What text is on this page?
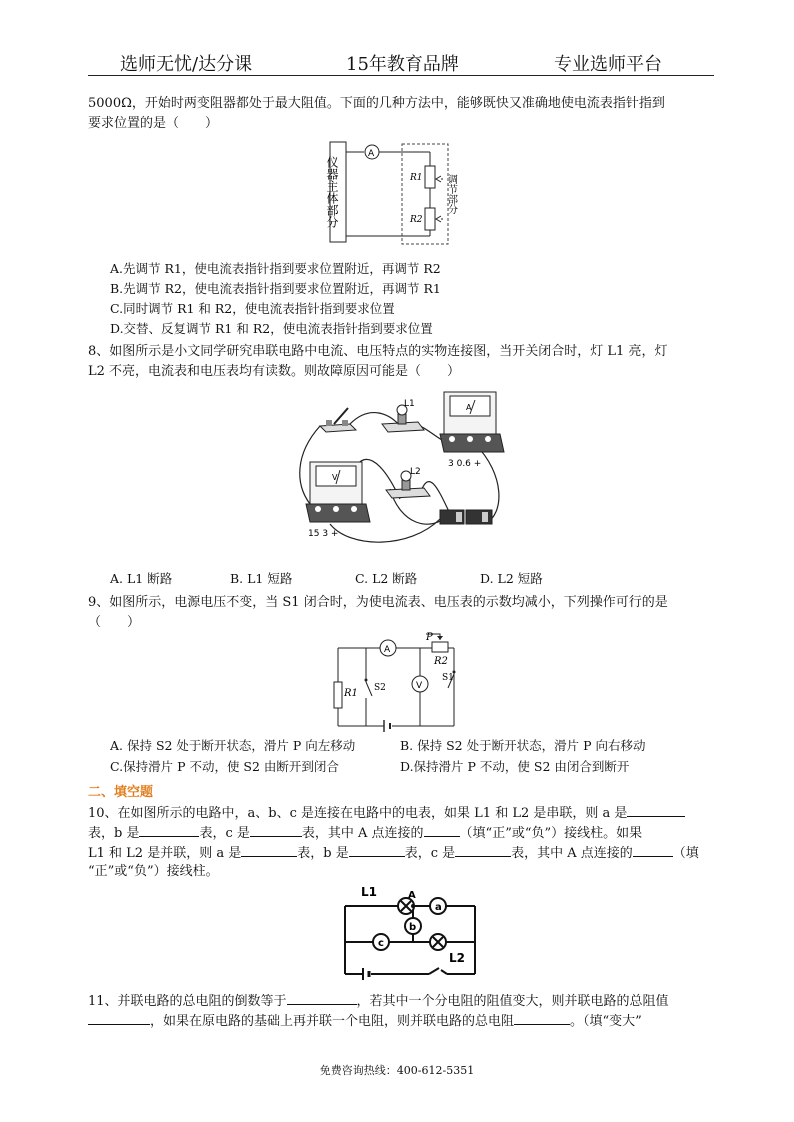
选师无忧/达分课	15年教育品牌	专业选师平台
5000Ω，开始时两变阻器都处于最大阻值。下面的几种方法中，能够既快又准确地使电流表指针指到
要求位置的是（　　）
仪器主体部分
A
R1
R2
调节部分
A.先调节 R1，使电流表指针指到要求位置附近，再调节 R2
B.先调节 R2，使电流表指针指到要求位置附近，再调节 R1
C.同时调节 R1 和 R2，使电流表指针指到要求位置
D.交替、反复调节 R1 和 R2，使电流表指针指到要求位置
8、如图所示是小文同学研究串联电路中电流、电压特点的实物连接图，当开关闭合时，灯 L1 亮，灯
L2 不亮，电流表和电压表均有读数。则故障原因可能是（　　）
L1
L2
A
V
3 0.6 +
15 3 +
A. L1 断路	B. L1 短路	C. L2 断路	D. L2 短路
9、如图所示，电源电压不变，当 S1 闭合时，为使电流表、电压表的示数均减小，下列操作可行的是
（　　）
A
V
P
R2
R1 S2
S1
A. 保持 S2 处于断开状态，滑片 P 向左移动	B. 保持 S2 处于断开状态，滑片 P 向右移动
C.保持滑片 P 不动，使 S2 由断开到闭合	D.保持滑片 P 不动，使 S2 由闭合到断开
二、填空题
10、在如图所示的电路中，a、b、c 是连接在电路中的电表，如果 L1 和 L2 是串联，则 a 是
表，b 是	表，c 是	表，其中 A 点连接的	（填“正”或“负”）接线柱。如果
L1 和 L2 是并联，则 a 是	表，b 是	表，c 是	表，其中 A 点连接的	（填
“正”或“负”）接线柱。
L1	A
a
b
c
L2
11、并联电路的总电阻的倒数等于	，若其中一个分电阻的阻值变大，则并联电路的总阻值
，如果在原电路的基础上再并联一个电阻，则并联电路的总电阻	。（填“变大”
免费咨询热线：400-612-5351
